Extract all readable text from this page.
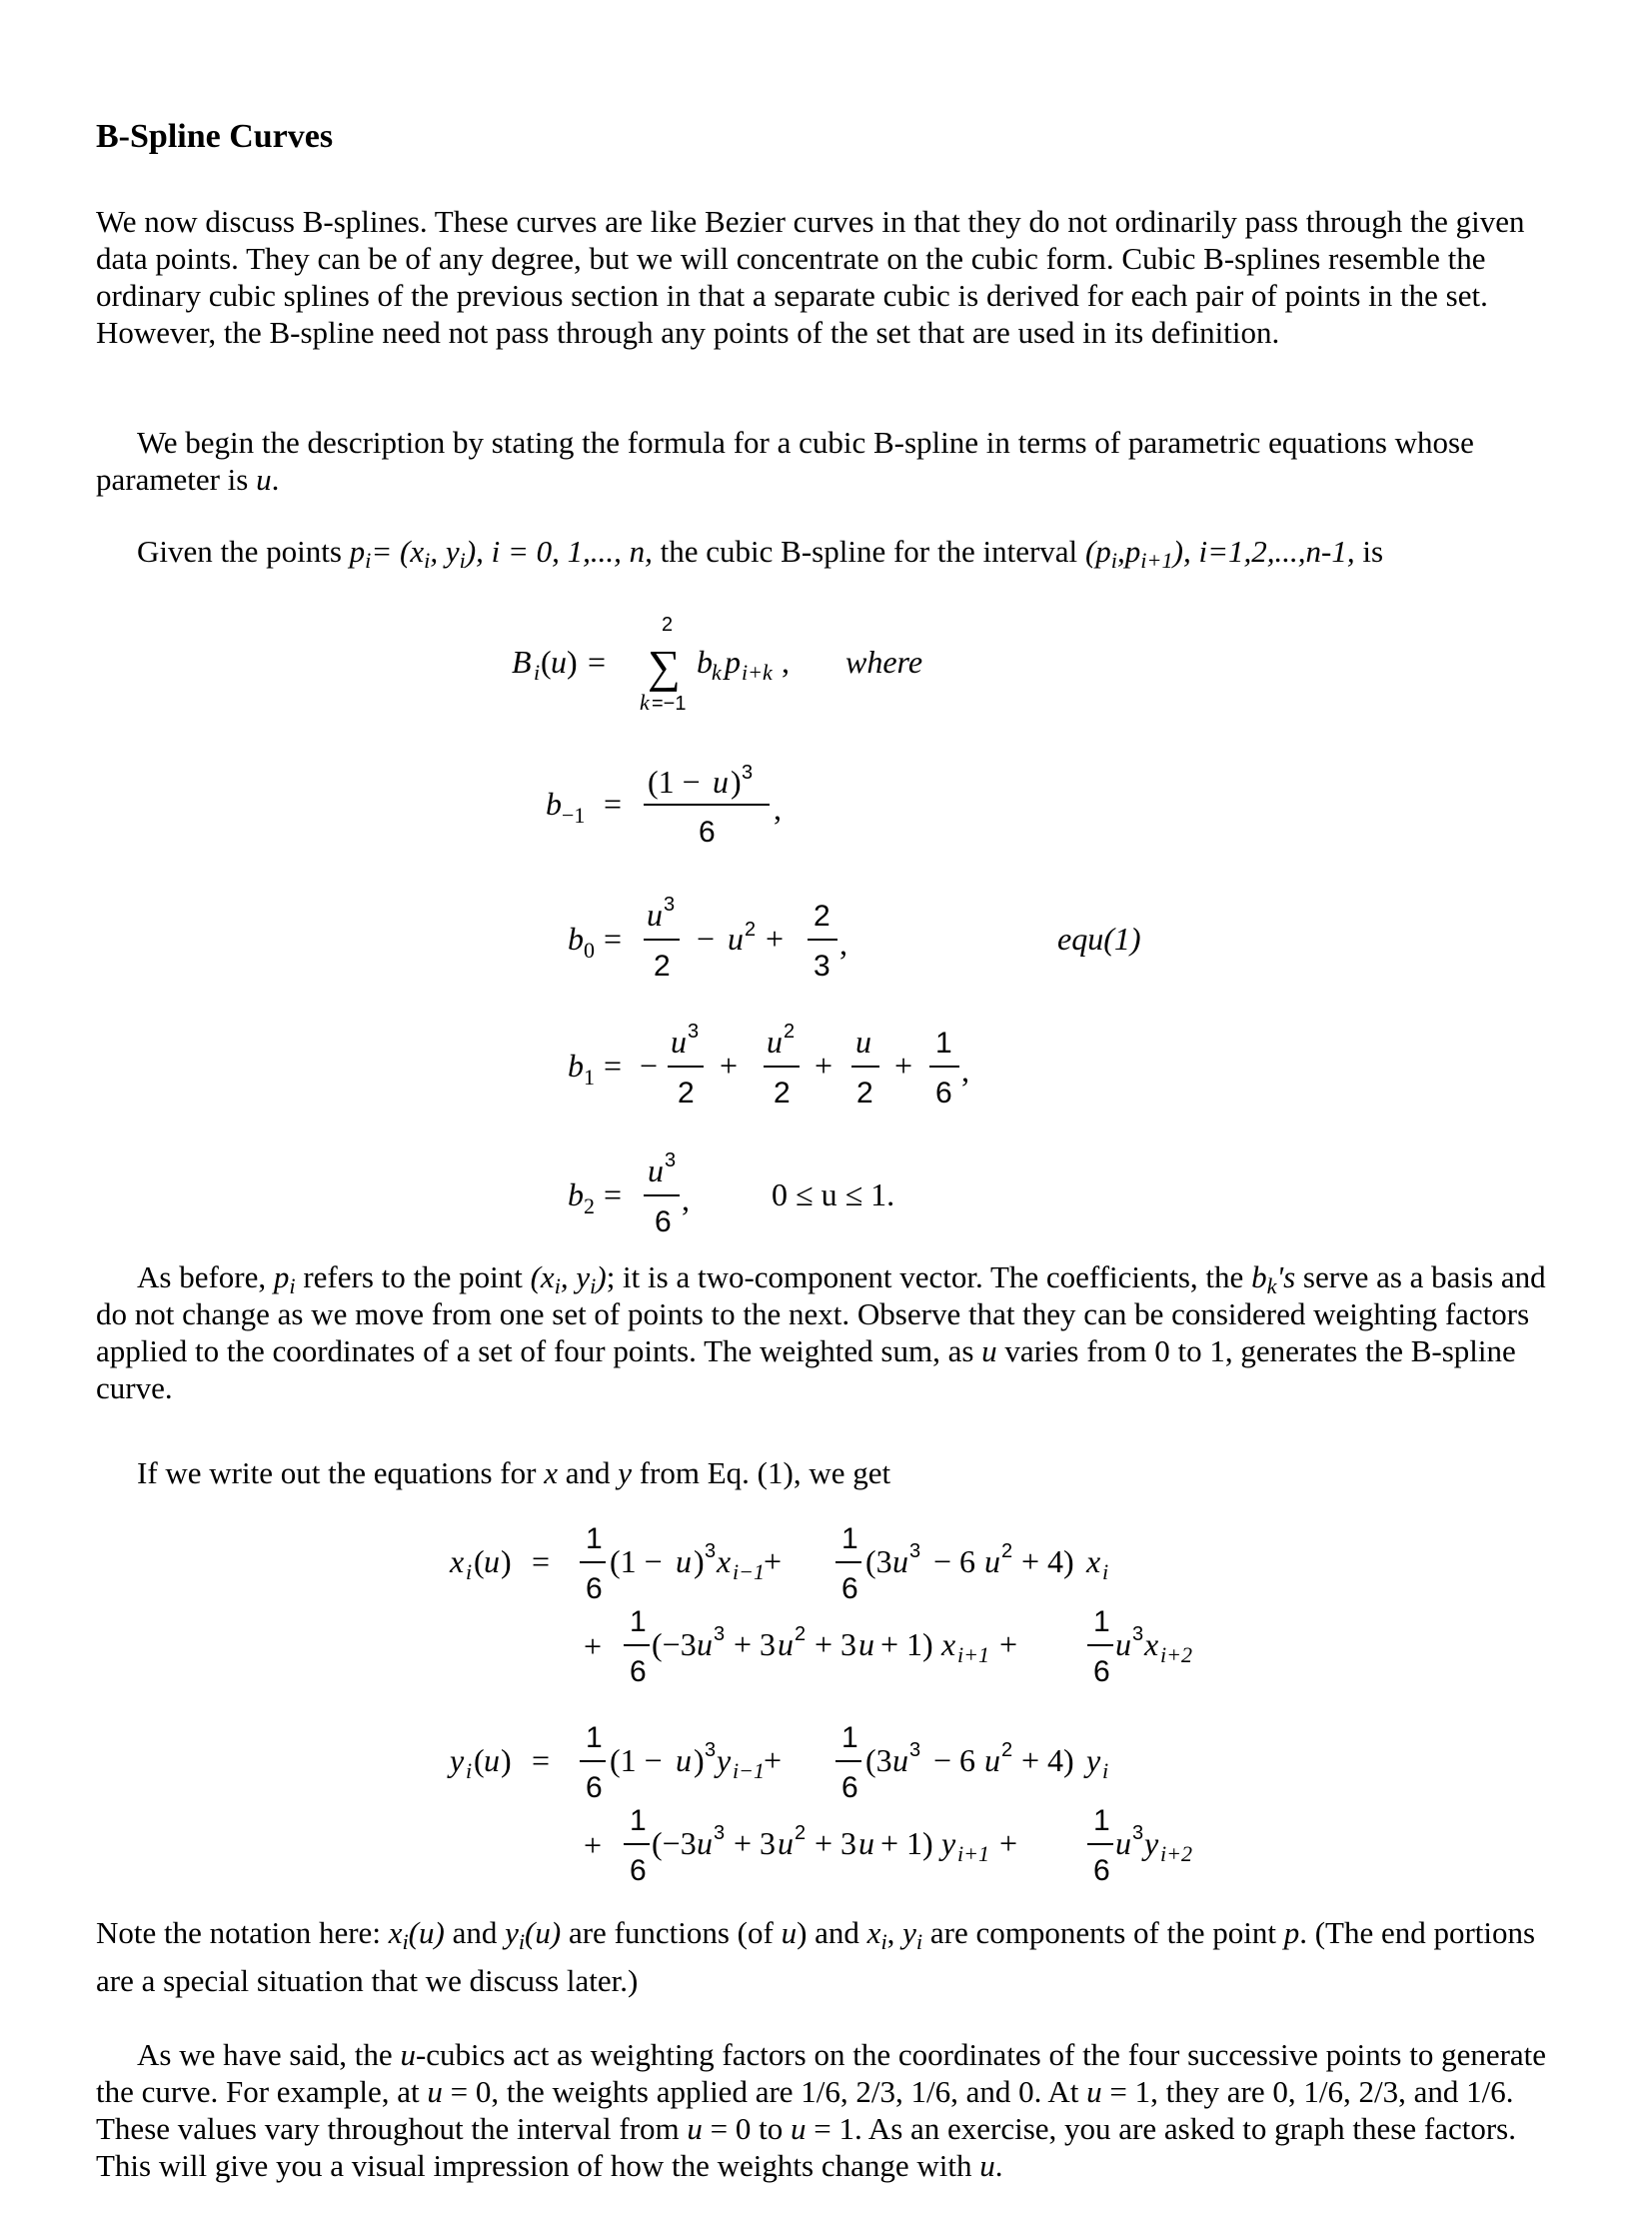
B-Spline Curves

We now discuss B-splines. These curves are like Bezier curves in that they do not ordinarily pass through the given data points. They can be of any degree, but we will concentrate on the cubic form. Cubic B-splines resemble the ordinary cubic splines of the previous section in that a separate cubic is derived for each pair of points in the set. However, the B-spline need not pass through any points of the set that are used in its definition.

We begin the description by stating the formula for a cubic B-spline in terms of parametric equations whose parameter is u.

Given the points $p_i= (x_i$, $y_i$), i = 0, 1,..., n, the cubic B-spline for the interval $(p_i,p_{i+1})$, i=1,2,...,n-1, is

B i ( u ) =
2
∑
k =−1
b k p i+k , where
b −1 =
(1 − u ) 3
6
,
b 0 =
u 3
2
− u 2 +
2
3
,	equ(1)
b 1 = −
u 3
2
+
u 2
2
+
u
2
+
1
6
,
b 2 =
u 3
6
,	0 ≤ u ≤ 1.

As before, $p_i$ refers to the point ($x_i$, $y_i$); it is a two-component vector. The coefficients, the $b_k's$ serve as a basis and do not change as we move from one set of points to the next. Observe that they can be considered weighting factors applied to the coordinates of a set of four points. The weighted sum, as u varies from 0 to 1, generates the B-spline curve.

If we write out the equations for x and y from Eq. (1), we get

x i ( u ) =
1
6
(1 − u ) 3 x i−1 +
1
6
(3 u 3 − 6 u 2 + 4) x i
+
1
6
(−3 u 3 + 3 u 2 + 3 u + 1) x i+1 +
1
6
u 3 x i+2
y i ( u ) =
1
6
(1 − u ) 3 y i−1 +
1
6
(3 u 3 − 6 u 2 + 4) y i
+
1
6
(−3 u 3 + 3 u 2 + 3 u + 1) y i+1 +
1
6
u 3 y i+2

Note the notation here: $x_i(u)$ and $y_i(u)$ are functions (of u) and $x_i$, $y_i$ are components of the point p. (The end portions are a special situation that we discuss later.)

As we have said, the u-cubics act as weighting factors on the coordinates of the four successive points to generate the curve. For example, at u = 0, the weights applied are 1/6, 2/3, 1/6, and 0. At u = 1, they are 0, 1/6, 2/3, and 1/6. These values vary throughout the interval from u = 0 to u = 1. As an exercise, you are asked to graph these factors. This will give you a visual impression of how the weights change with u.
